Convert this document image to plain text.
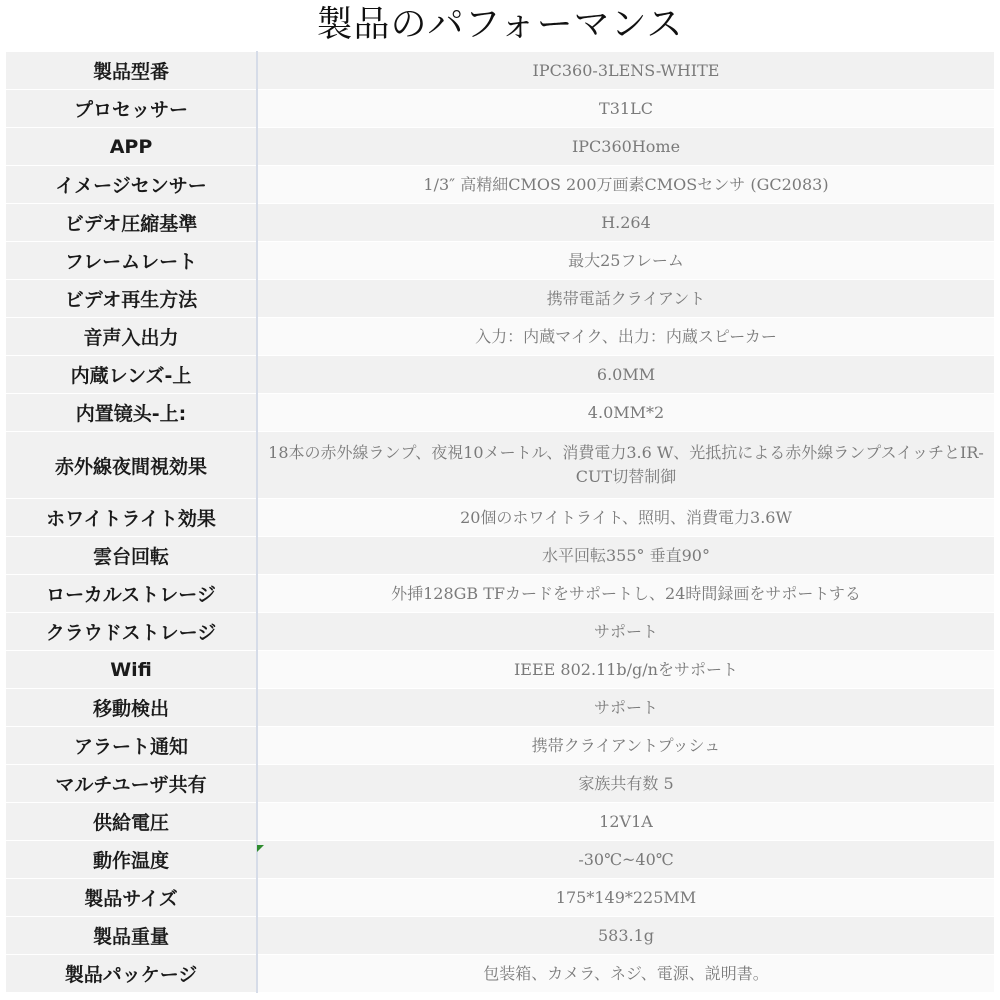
製品のパフォーマンス
製品型番	IPC360-3LENS-WHITE
プロセッサー	T31LC
APP	IPC360Home
イメージセンサー	1/3″ 高精細CMOS 200万画素CMOSセンサ (GC2083)
ビデオ圧縮基準	H.264
フレームレート	最大25フレーム
ビデオ再生方法	携帯電話クライアント
音声入出力	入力：内蔵マイク、出力：内蔵スピーカー
内蔵レンズ-上	6.0MM
内置镜头-上:	4.0MM*2
赤外線夜間視効果	18本の赤外線ランプ、夜視10メートル、消費電力3.6 W、光抵抗による赤外線ランプスイッチとIR-CUT切替制御
ホワイトライト効果	20個のホワイトライト、照明、消費電力3.6W
雲台回転	水平回転355° 垂直90°
ローカルストレージ	外挿128GB TFカードをサポートし、24時間録画をサポートする
クラウドストレージ	サポート
Wifi	IEEE 802.11b/g/nをサポート
移動検出	サポート
アラート通知	携帯クライアントプッシュ
マルチユーザ共有	家族共有数 5
供給電圧	12V1A
動作温度	-30℃~40℃
製品サイズ	175*149*225MM
製品重量	583.1g
製品パッケージ	包装箱、カメラ、ネジ、電源、説明書。
